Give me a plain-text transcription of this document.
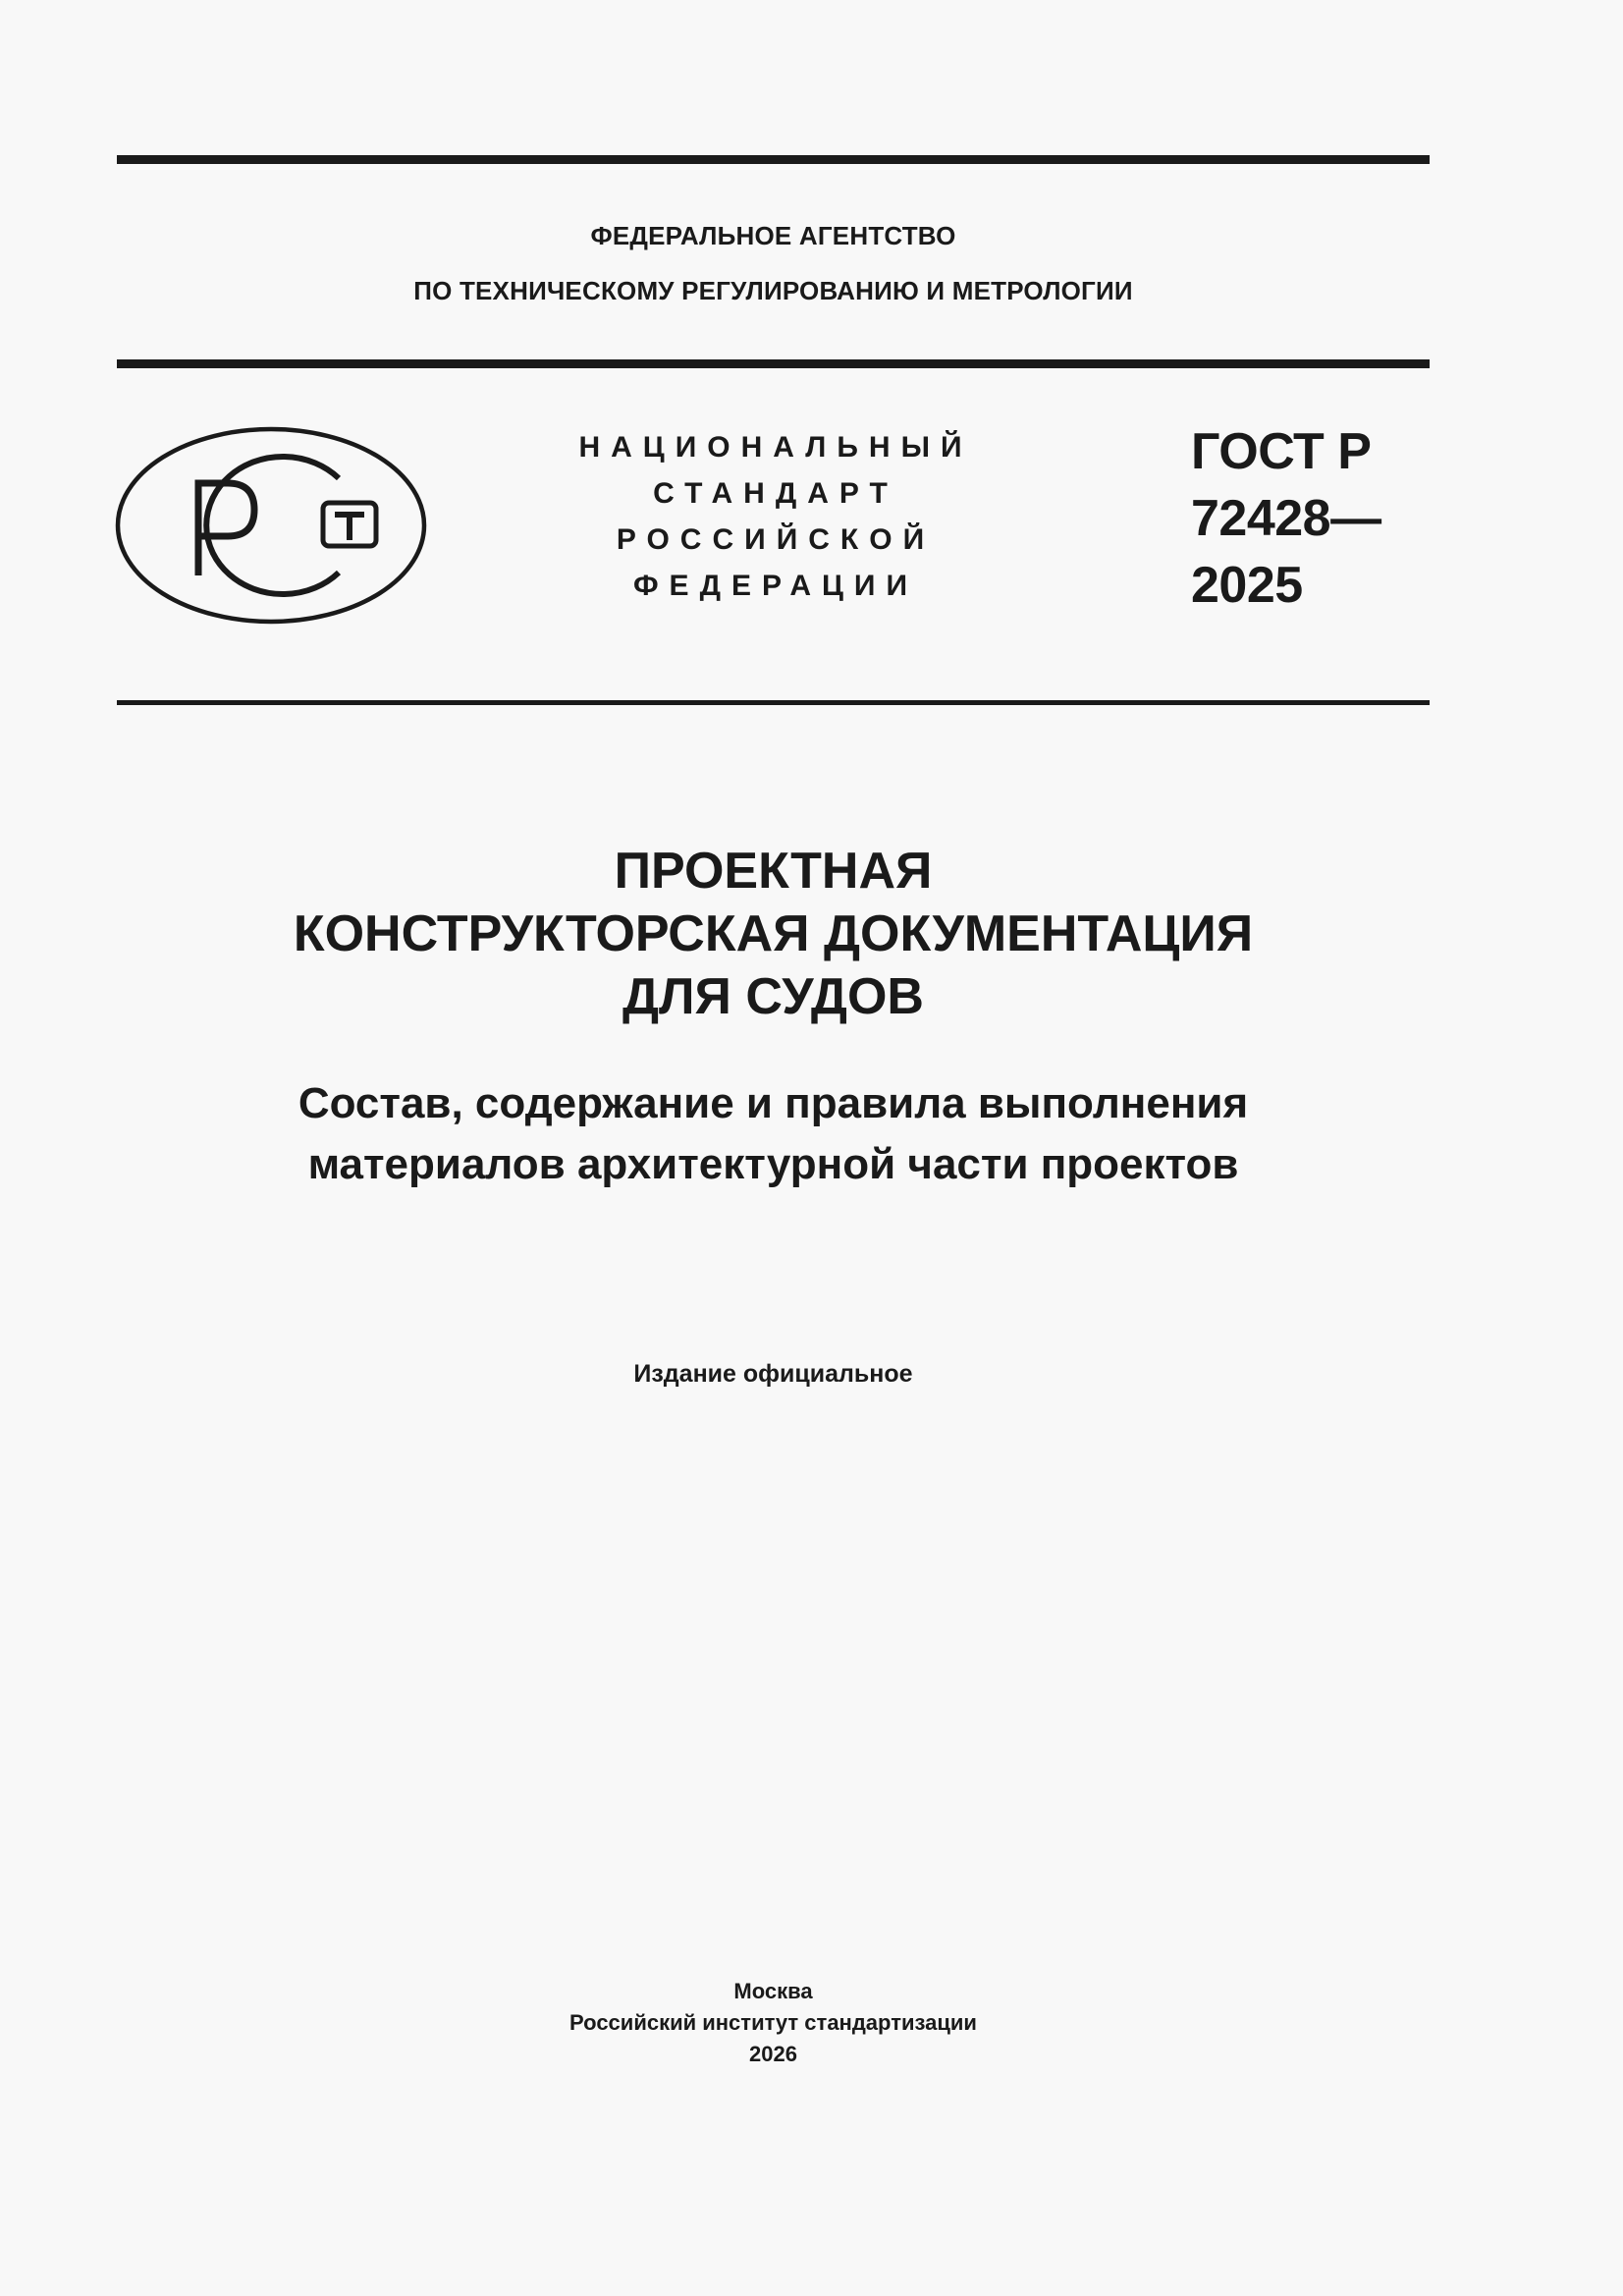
ФЕДЕРАЛЬНОЕ АГЕНТСТВО
ПО ТЕХНИЧЕСКОМУ РЕГУЛИРОВАНИЮ И МЕТРОЛОГИИ
НАЦИОНАЛЬНЫЙ
СТАНДАРТ
РОССИЙСКОЙ
ФЕДЕРАЦИИ
ГОСТ Р
72428—
2025
ПРОЕКТНАЯ
КОНСТРУКТОРСКАЯ ДОКУМЕНТАЦИЯ
ДЛЯ СУДОВ
Состав, содержание и правила выполнения
материалов архитектурной части проектов
Издание официальное
Москва
Российский институт стандартизации
2026
